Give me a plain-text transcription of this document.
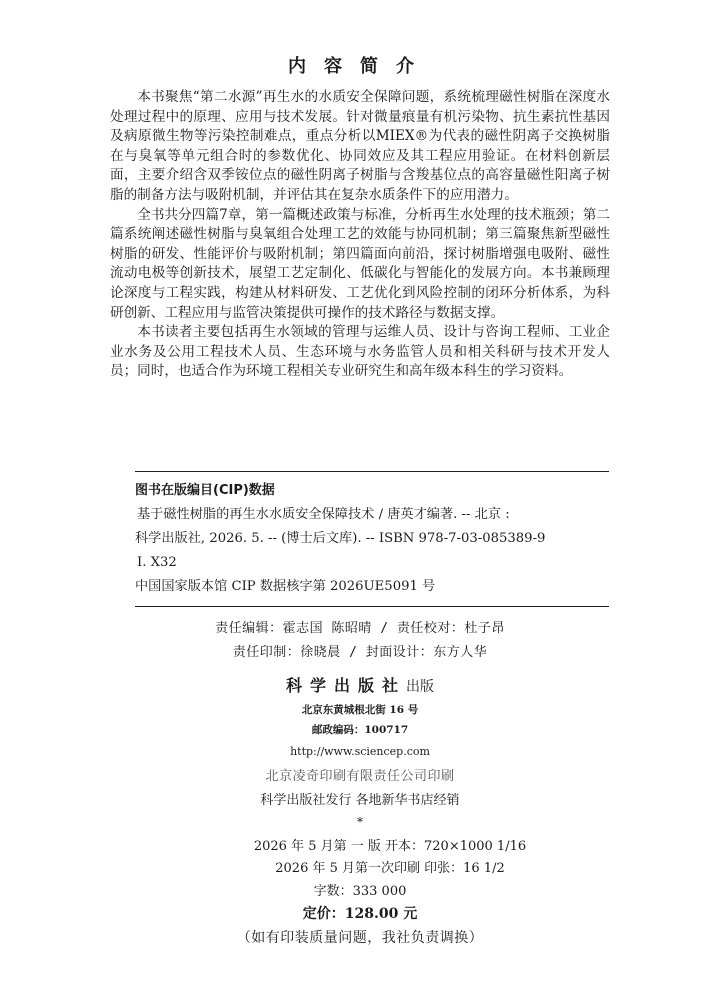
内容简介

本书聚焦“第二水源”再生水的水质安全保障问题，系统梳理磁性树脂在深度水处理过程中的原理、应用与技术发展。针对微量痕量有机污染物、抗生素抗性基因及病原微生物等污染控制难点，重点分析以MIEX®为代表的磁性阴离子交换树脂在与臭氧等单元组合时的参数优化、协同效应及其工程应用验证。在材料创新层面，主要介绍含双季铵位点的磁性阴离子树脂与含羧基位点的高容量磁性阳离子树脂的制备方法与吸附机制，并评估其在复杂水质条件下的应用潜力。

全书共分四篇7章，第一篇概述政策与标准，分析再生水处理的技术瓶颈；第二篇系统阐述磁性树脂与臭氧组合处理工艺的效能与协同机制；第三篇聚焦新型磁性树脂的研发、性能评价与吸附机制；第四篇面向前沿，探讨树脂增强电吸附、磁性流动电极等创新技术，展望工艺定制化、低碳化与智能化的发展方向。本书兼顾理论深度与工程实践，构建从材料研发、工艺优化到风险控制的闭环分析体系，为科研创新、工程应用与监管决策提供可操作的技术路径与数据支撑。

本书读者主要包括再生水领域的管理与运维人员、设计与咨询工程师、工业企业水务及公用工程技术人员、生态环境与水务监管人员和相关科研与技术开发人员；同时，也适合作为环境工程相关专业研究生和高年级本科生的学习资料。

图书在版编目(CIP)数据
基于磁性树脂的再生水水质安全保障技术 / 唐英才编著. -- 北京 :
科学出版社, 2026. 5. -- (博士后文库). -- ISBN 978-7-03-085389-9
Ⅰ. X32
中国国家版本馆 CIP 数据核字第 2026UE5091 号
责任编辑：霍志国 陈昭晴 / 责任校对：杜子昂
责任印制：徐晓晨 / 封面设计：东方人华
科学出版社出版
北京东黄城根北街 16 号
邮政编码：100717
http://www.sciencep.com
北京凌奇印刷有限责任公司印刷
科学出版社发行 各地新华书店经销
*
2026 年 5 月第 一 版 开本：720×1000 1/16
2026 年 5 月第一次印刷 印张：16 1/2
字数：333 000
定价：128.00 元
（如有印装质量问题，我社负责调换）
